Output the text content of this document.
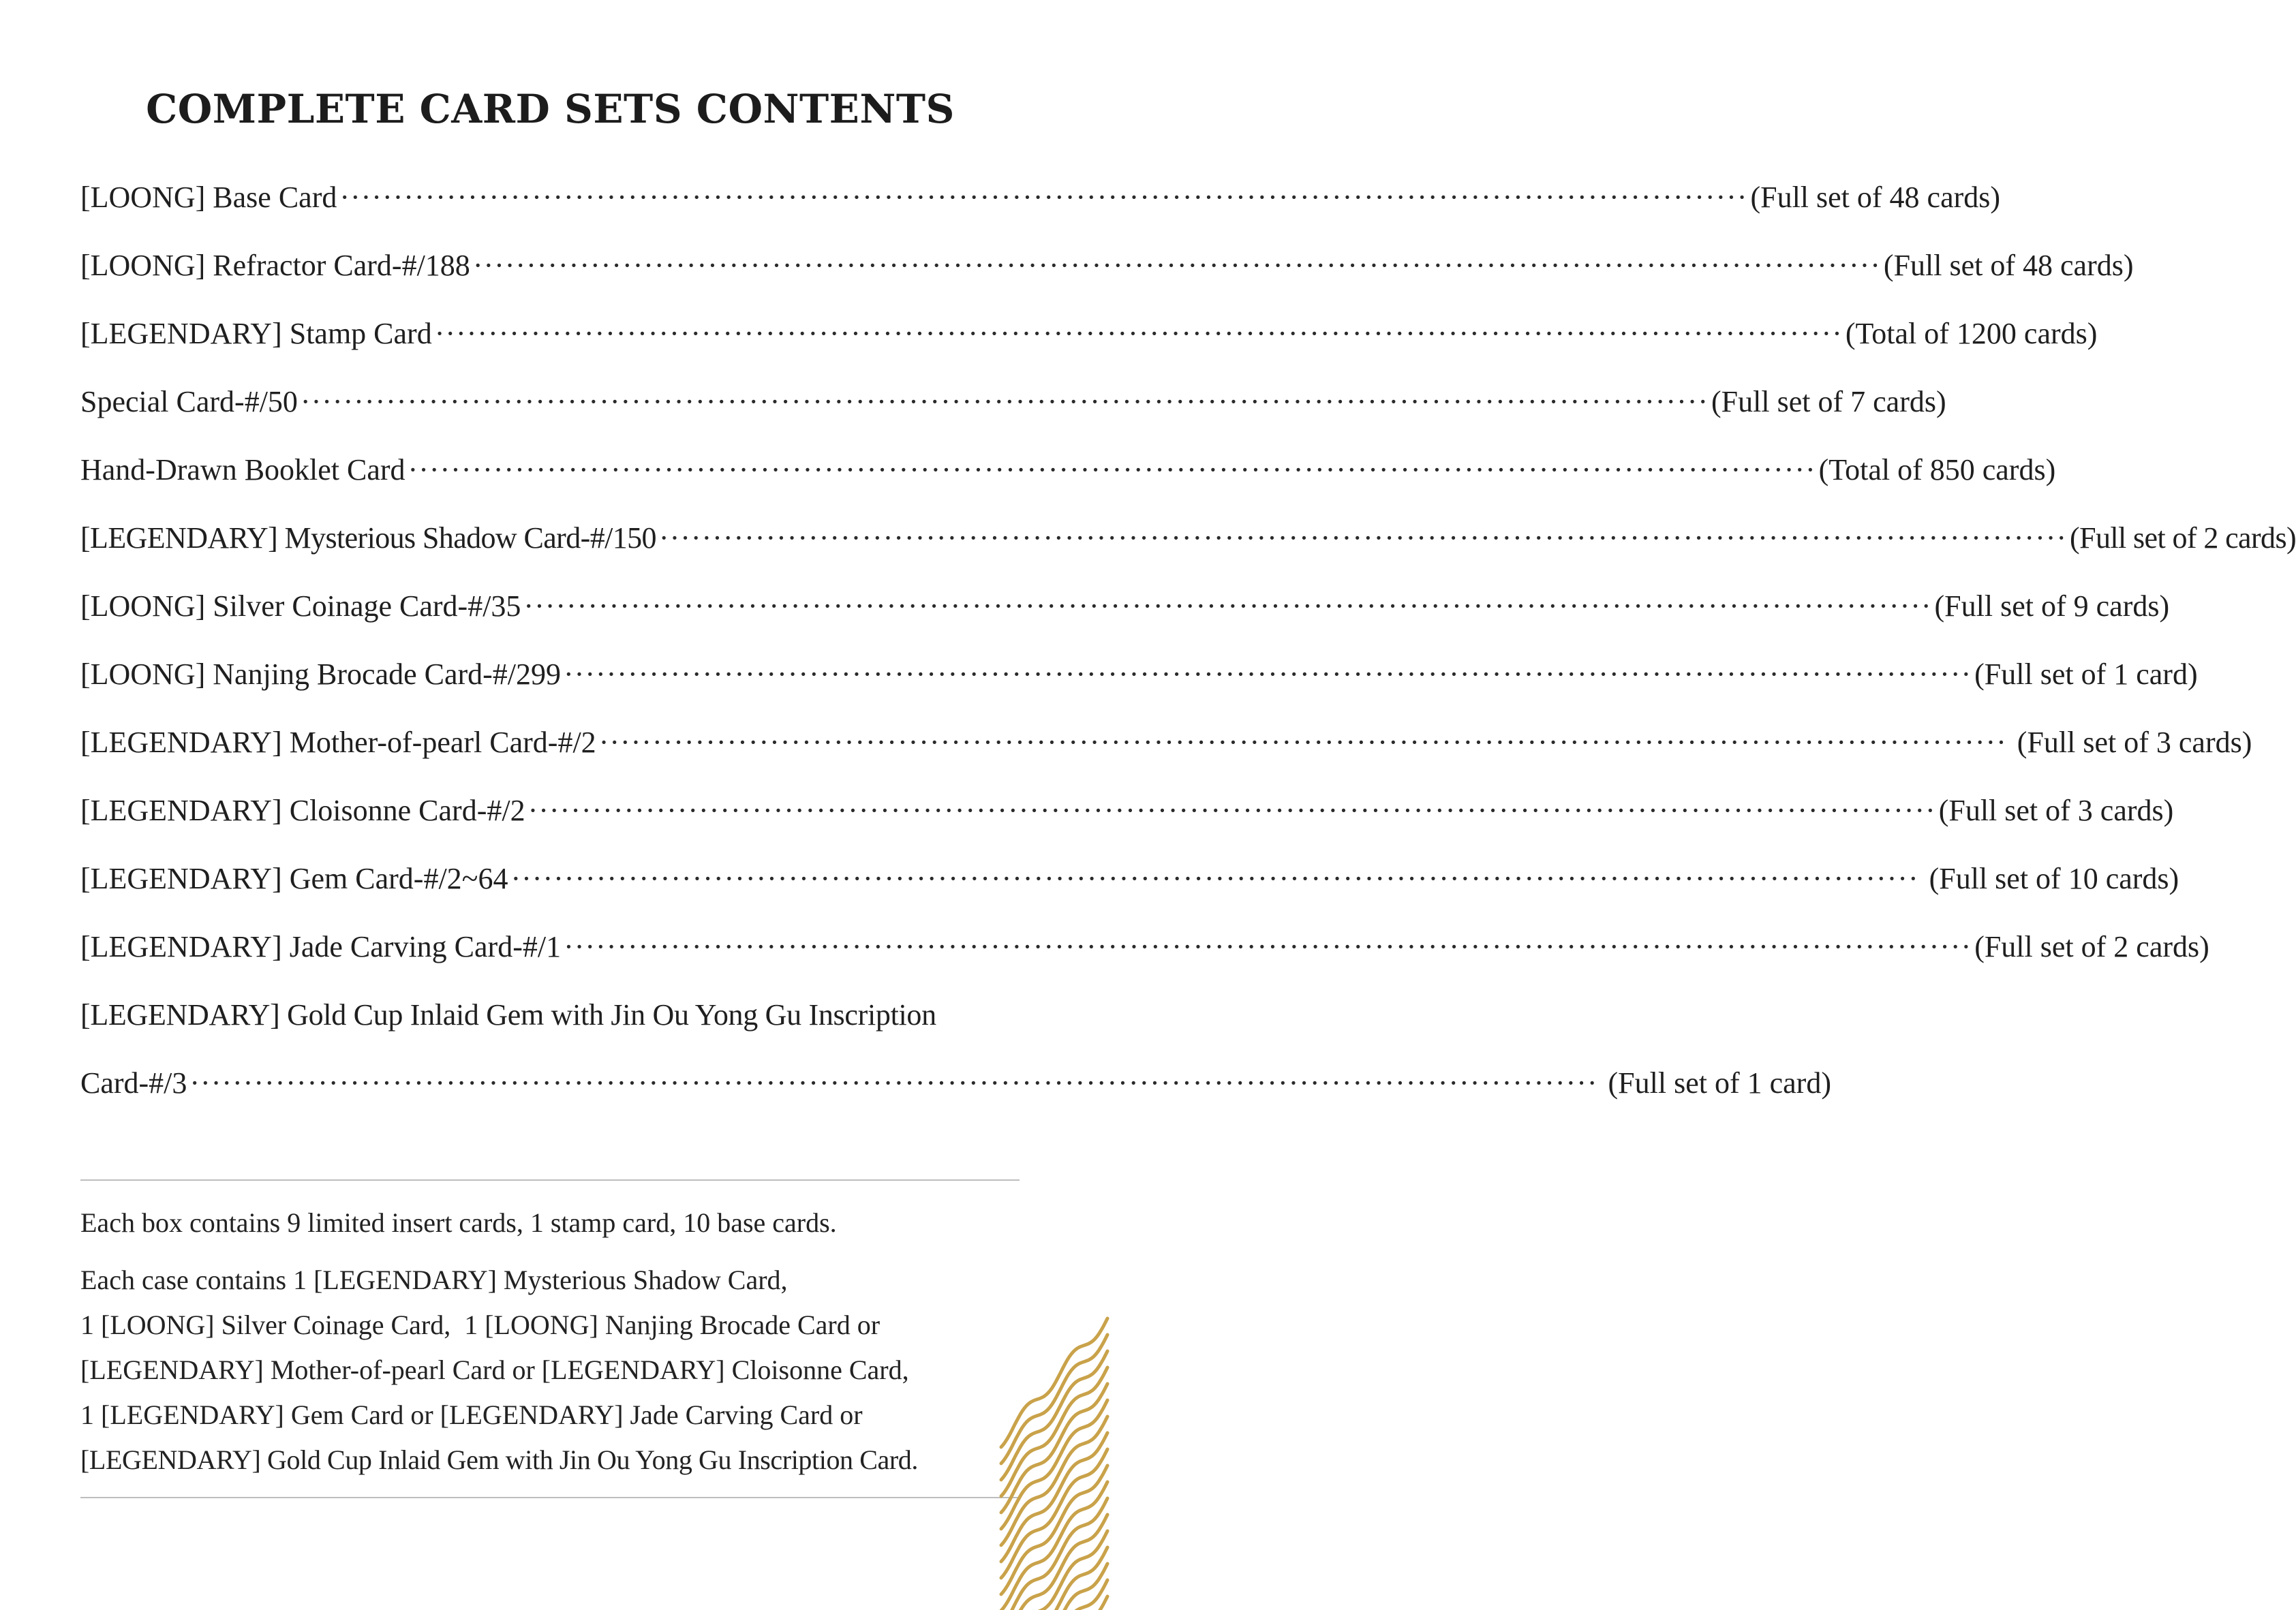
COMPLETE CARD SETS CONTENTS
[LOONG] Base Card ···································································································································· (Full set of 48 cards)
[LOONG] Refractor Card-#/188 ···································································································································· (Full set of 48 cards)
[LEGENDARY] Stamp Card ···································································································································· (Total of 1200 cards)
Special Card-#/50 ···································································································································· (Full set of 7 cards)
Hand-Drawn Booklet Card ···································································································································· (Total of 850 cards)
[LEGENDARY] Mysterious Shadow Card-#/150 ···································································································································· (Full set of 2 cards)
[LOONG] Silver Coinage Card-#/35 ···································································································································· (Full set of 9 cards)
[LOONG] Nanjing Brocade Card-#/299 ···································································································································· (Full set of 1 card)
[LEGENDARY] Mother-of-pearl Card-#/2 ···································································································································· (Full set of 3 cards)
[LEGENDARY] Cloisonne Card-#/2 ···································································································································· (Full set of 3 cards)
[LEGENDARY] Gem Card-#/2~64 ···································································································································· (Full set of 10 cards)
[LEGENDARY] Jade Carving Card-#/1 ···································································································································· (Full set of 2 cards)
[LEGENDARY] Gold Cup Inlaid Gem with Jin Ou Yong Gu Inscription
Card-#/3 ···································································································································· (Full set of 1 card)
Each box contains 9 limited insert cards, 1 stamp card, 10 base cards.
Each case contains 1 [LEGENDARY] Mysterious Shadow Card,
1 [LOONG] Silver Coinage Card,  1 [LOONG] Nanjing Brocade Card or
[LEGENDARY] Mother-of-pearl Card or [LEGENDARY] Cloisonne Card,
1 [LEGENDARY] Gem Card or [LEGENDARY] Jade Carving Card or
[LEGENDARY] Gold Cup Inlaid Gem with Jin Ou Yong Gu Inscription Card.
